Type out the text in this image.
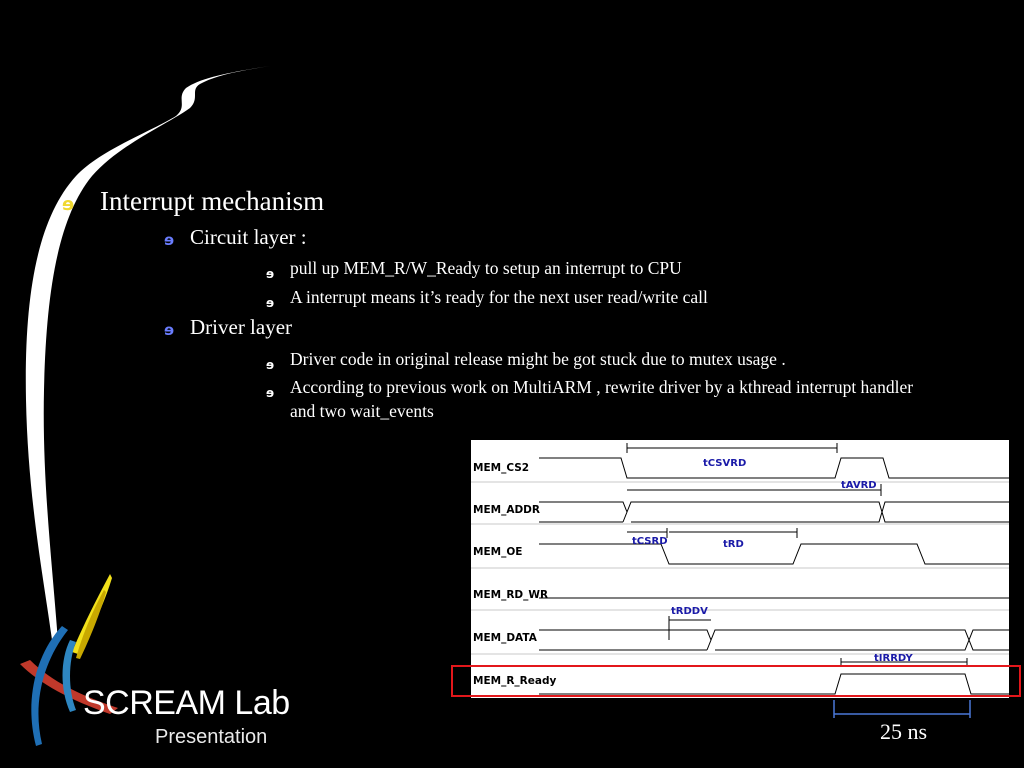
ɘ Interrupt mechanism
ɘ Circuit layer :
ɘ pull up MEM_R/W_Ready to setup an interrupt to CPU
ɘ A interrupt means it’s ready for the next user read/write call
ɘ Driver layer
ɘ Driver code in original release might be got stuck due to mutex usage .
ɘ According to previous work on MultiARM , rewrite driver by a kthread interrupt handler and two wait_events
MEM_CS2
MEM_ADDR
MEM_OE
MEM_RD_WR
MEM_DATA
MEM_R_Ready
tCSVRD
tAVRD
tCSRD	tRD
tRDDV
tIRRDY
25 ns
SCREAM Lab
Presentation
